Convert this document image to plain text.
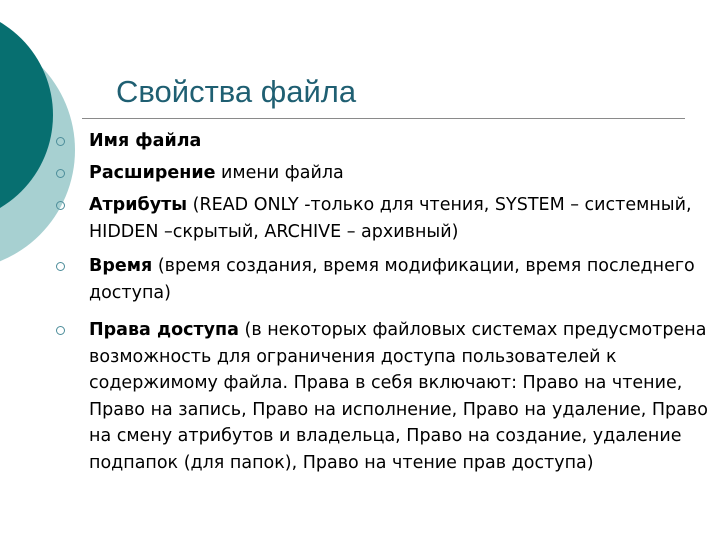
Свойства файла
Имя файла
Расширение имени файла
Атрибуты (READ ONLY -только для чтения, SYSTEM – системный, HIDDEN –скрытый, ARCHIVE – архивный)
Время (время создания, время модификации, время последнего доступа)
Права доступа (в некоторых файловых системах предусмотрена возможность для ограничения доступа пользователей к содержимому файла. Права в себя включают: Право на чтение, Право на запись, Право на исполнение, Право на удаление, Право на смену атрибутов и владельца, Право на создание, удаление подпапок (для папок), Право на чтение прав доступа)
